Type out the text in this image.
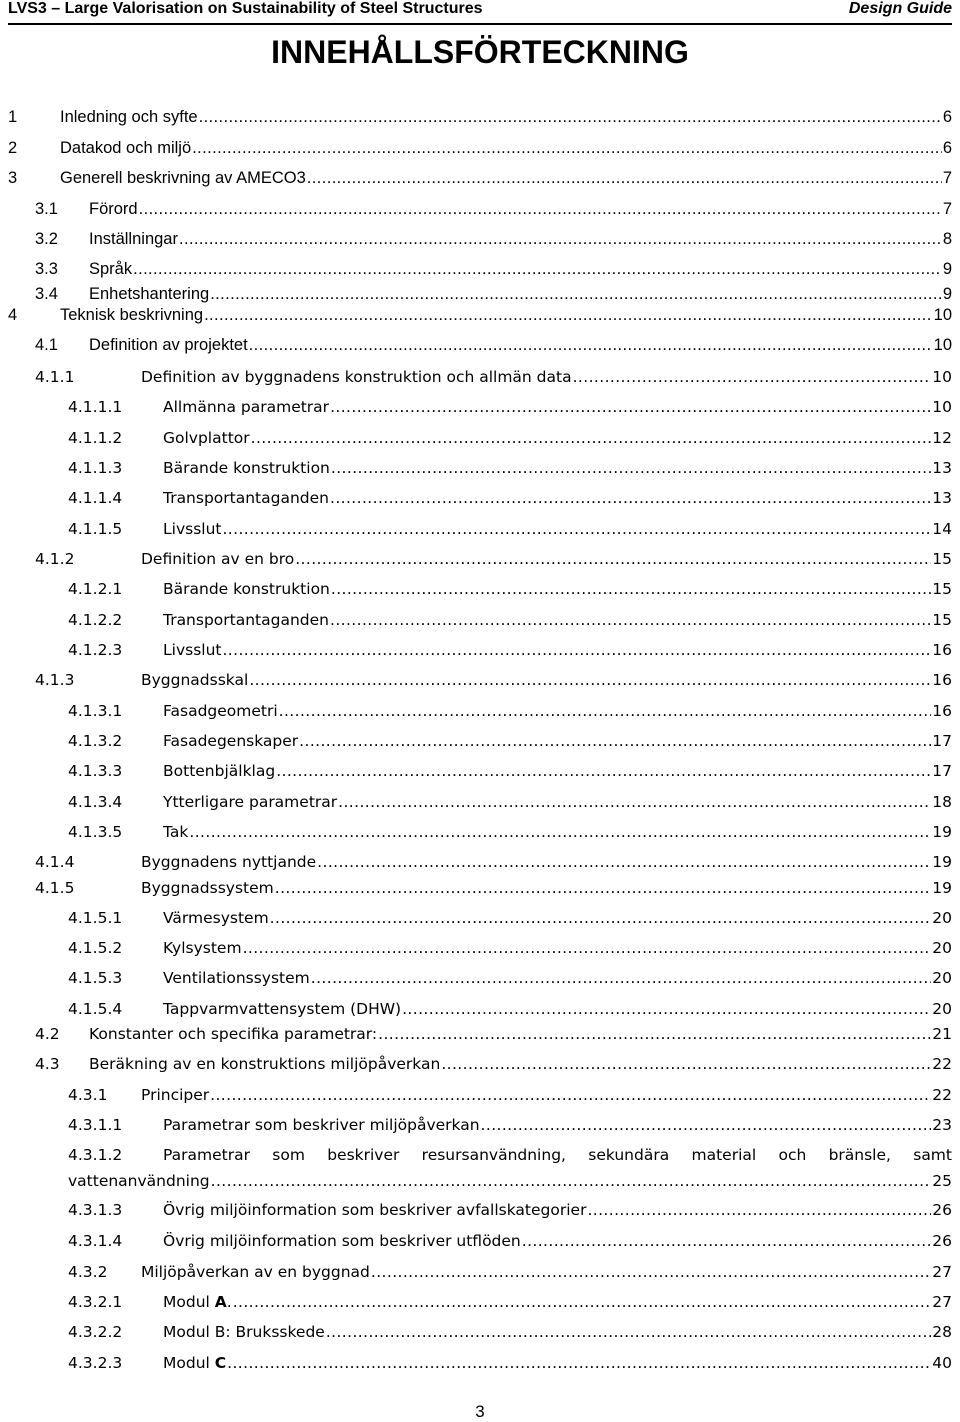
LVS3 – Large Valorisation on Sustainability of Steel Structures	Design Guide
INNEHÅLLSFÖRTECKNING
1	Inledning och syfte .....	6
2	Datakod och miljö .....	6
3	Generell beskrivning av AMECO3 .....	7
3.1	Förord .....	7
3.2	Inställningar .....	8
3.3	Språk .....	9
3.4	Enhetshantering .....	9
4	Teknisk beskrivning .....	10
4.1	Definition av projektet .....	10
4.1.1	Definition av byggnadens konstruktion och allmän data .....	10
4.1.1.1	Allmänna parametrar .....	10
4.1.1.2	Golvplattor .....	12
4.1.1.3	Bärande konstruktion .....	13
4.1.1.4	Transportantaganden .....	13
4.1.1.5	Livsslut .....	14
4.1.2	Definition av en bro .....	15
4.1.2.1	Bärande konstruktion .....	15
4.1.2.2	Transportantaganden .....	15
4.1.2.3	Livsslut .....	16
4.1.3	Byggnadsskal .....	16
4.1.3.1	Fasadgeometri .....	16
4.1.3.2	Fasadegenskaper .....	17
4.1.3.3	Bottenbjälklag .....	17
4.1.3.4	Ytterligare parametrar .....	18
4.1.3.5	Tak .....	19
4.1.4	Byggnadens nyttjande .....	19
4.1.5	Byggnadssystem .....	19
4.1.5.1	Värmesystem .....	20
4.1.5.2	Kylsystem .....	20
4.1.5.3	Ventilationssystem .....	20
4.1.5.4	Tappvarmvattensystem (DHW) .....	20
4.2	Konstanter och specifika parametrar: .....	21
4.3	Beräkning av en konstruktions miljöpåverkan .....	22
4.3.1	Principer .....	22
4.3.1.1	Parametrar som beskriver miljöpåverkan .....	23
4.3.1.2	Parametrar som beskriver resursanvändning, sekundära material och bränsle, samt
vattenanvändning .....	25
4.3.1.3	Övrig miljöinformation som beskriver avfallskategorier .....	26
4.3.1.4	Övrig miljöinformation som beskriver utflöden .....	26
4.3.2	Miljöpåverkan av en byggnad .....	27
4.3.2.1	Modul A. .....	27
4.3.2.2	Modul B: Bruksskede .....	28
4.3.2.3	Modul C .....	40
3
